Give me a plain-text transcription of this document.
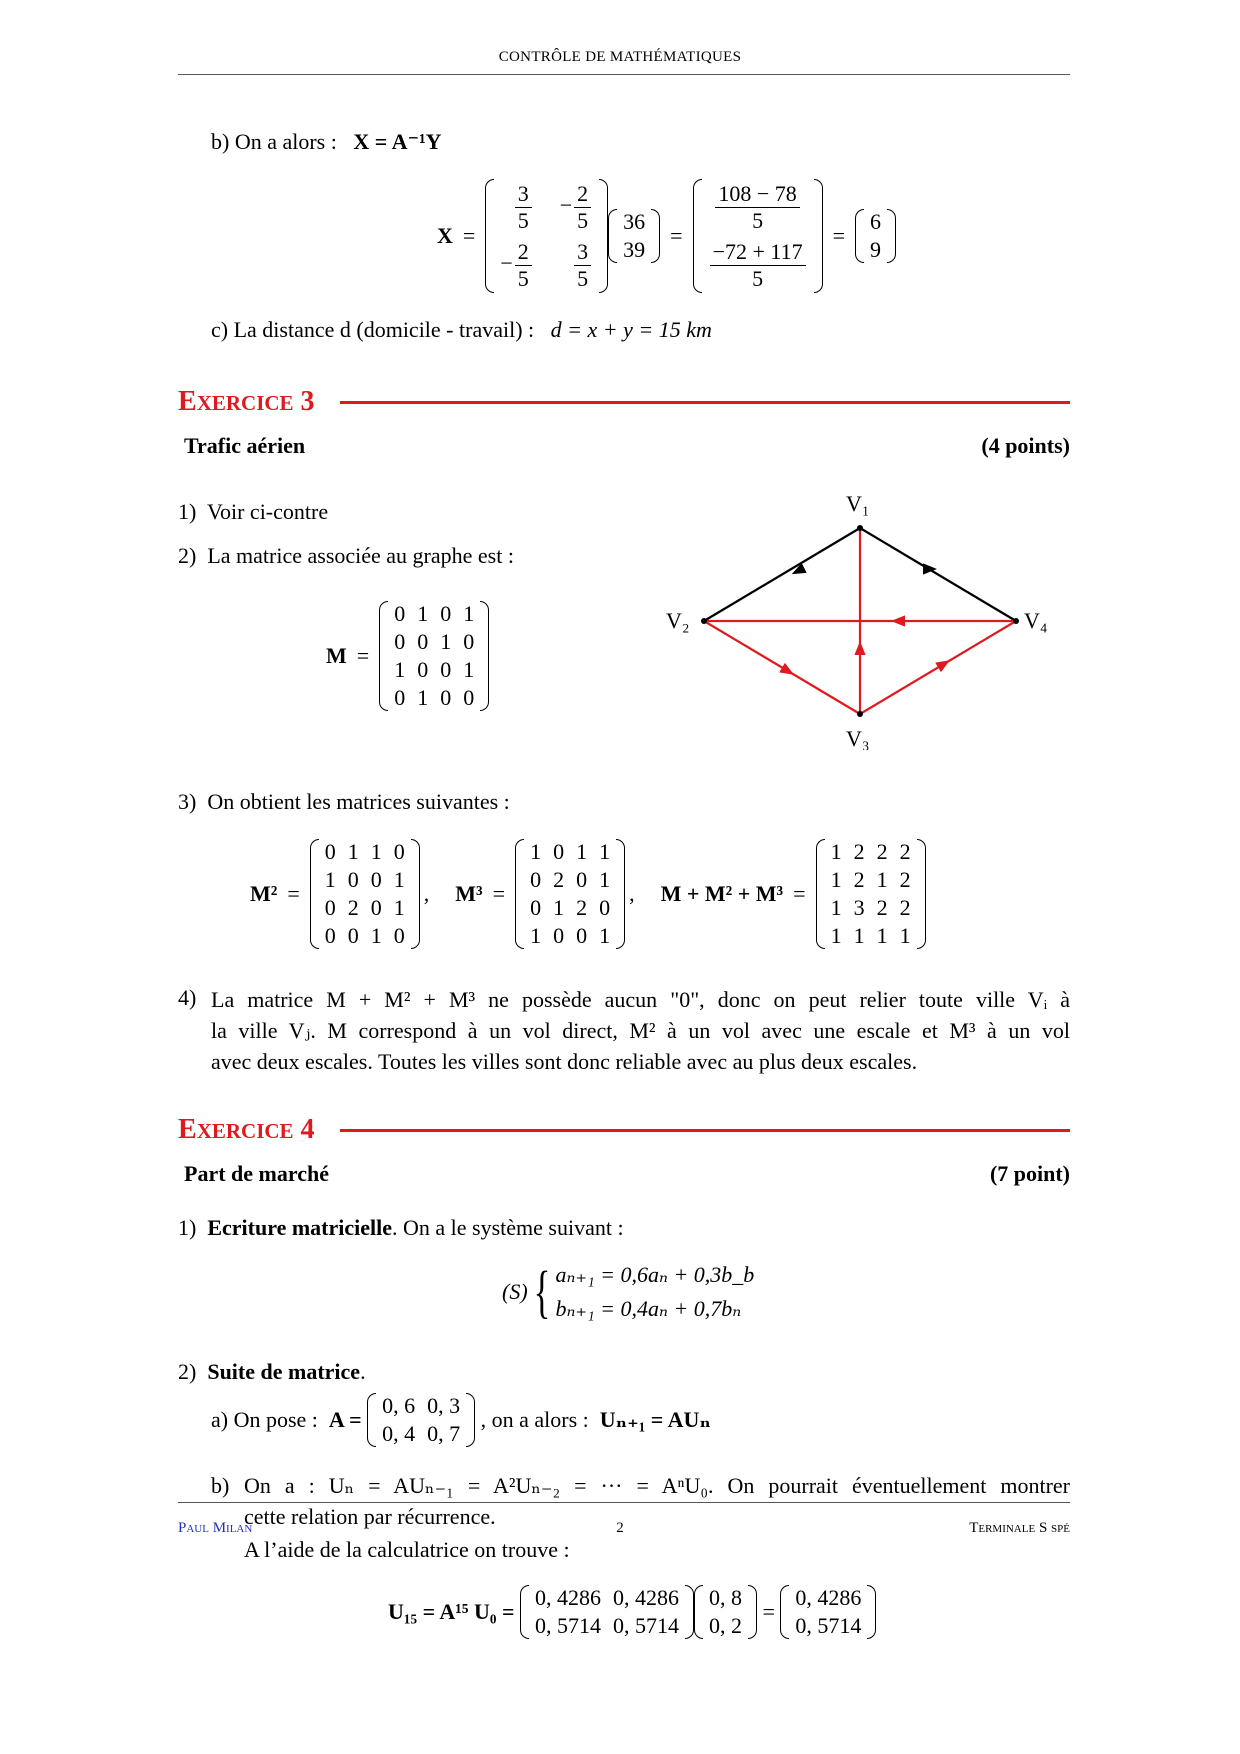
CONTRÔLE DE MATHÉMATIQUES
b) On a alors : X = A⁻¹Y
X =
$\frac{3}{5}$	− $\frac{2}{5}$

− $\frac{2}{5}$	$\frac{3}{5}$
36
39
=
$\frac{108 - 78}{5}$

$\frac{-72 + 117}{5}$
=
6
9
c) La distance d (domicile - travail) : d = x + y = 15 km
EXERCICE 3
Trafic aérien	(4 points)
1) Voir ci-contre
2) La matrice associée au graphe est :
M =
0	1	0	1
0	0	1	0
1	0	0	1
0	1	0	0
V₁
V₂
V₃
V₄
3) On obtient les matrices suivantes :
M² =
0	1	1	0
1	0	0	1
0	2	0	1
0	0	1	0
, M³ =
1	0	1	1
0	2	0	1
0	1	2	0
1	0	0	1
, M + M² + M³ =
1	2	2	2
1	2	1	2
1	3	2	2
1	1	1	1
4) La matrice M + M² + M³ ne possède aucun "0", donc on peut relier toute ville Vᵢ à
la ville Vⱼ. M correspond à un vol direct, M² à un vol avec une escale et M³ à un vol
avec deux escales. Toutes les villes sont donc reliable avec au plus deux escales.
EXERCICE 4
Part de marché	(7 point)
1) Ecriture matricielle. On a le système suivant :
(S) { aₙ₊₁ = 0,6aₙ + 0,3b_b
bₙ₊₁ = 0,4aₙ + 0,7bₙ
2) Suite de matrice.
a)
On pose :
A =

0, 6	0, 3
0, 4	0, 7

, on a alors :
Uₙ₊₁ = AUₙ
b) On a : Uₙ = AUₙ₋₁ = A²Uₙ₋₂ = ··· = AⁿU₀. On pourrait éventuellement montrer
cette relation par récurrence.
A l’aide de la calculatrice on trouve :
U₁₅ = A¹⁵ U₀ =

0, 4286	0, 4286
0, 5714	0, 5714
0, 8
0, 2
=
0, 4286
0, 5714
Paul Milan	2	Terminale S spé
